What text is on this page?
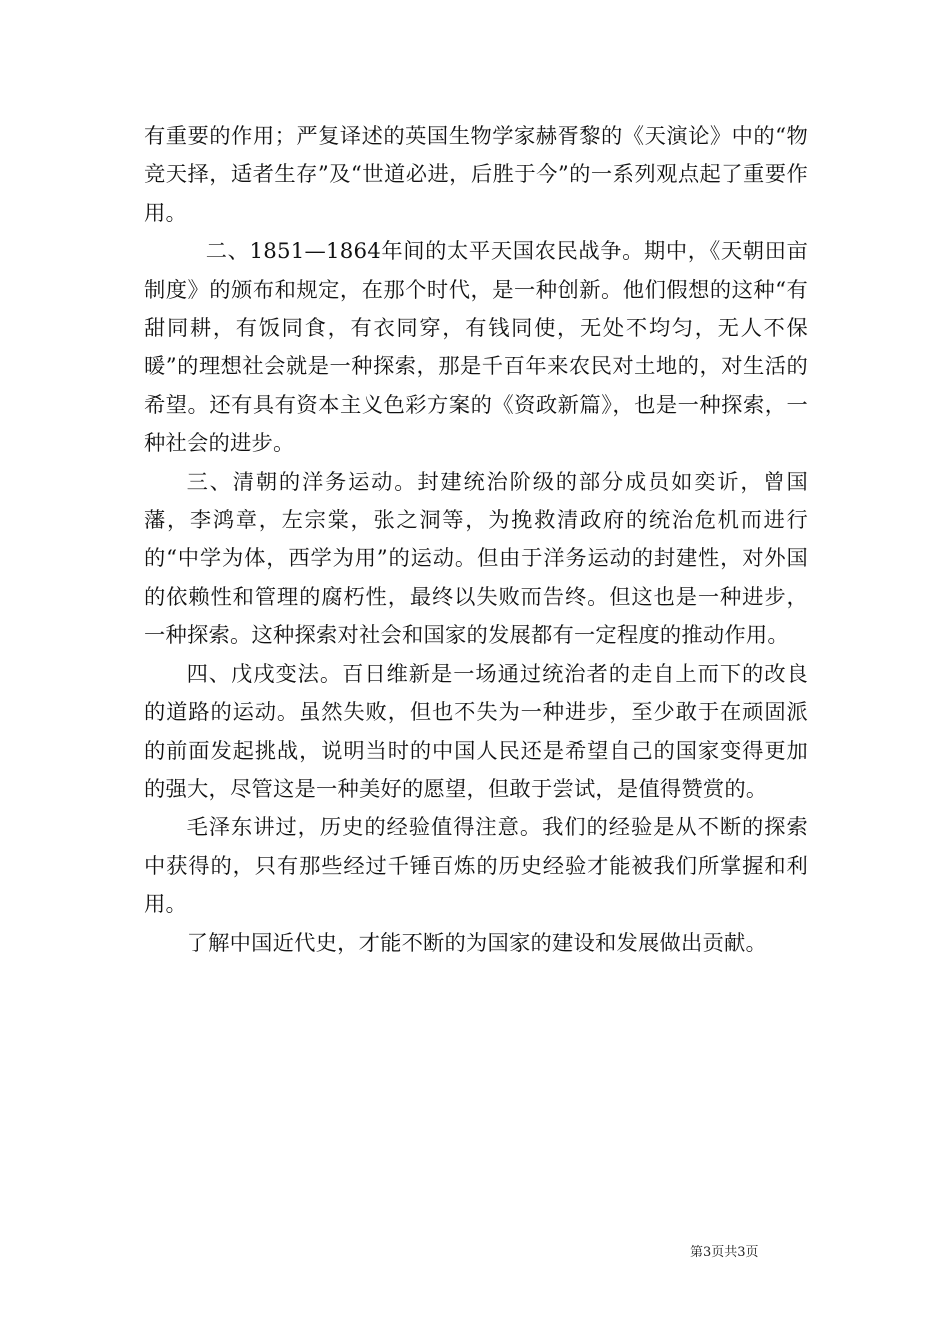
有重要的作用；严复译述的英国生物学家赫胥黎的《天演论》中的“物竞天择，适者生存”及“世道必进，后胜于今”的一系列观点起了重要作用。

二、1851—1864年间的太平天国农民战争。期中，《天朝田亩制度》的颁布和规定，在那个时代，是一种创新。他们假想的这种“有甜同耕，有饭同食，有衣同穿，有钱同使，无处不均匀，无人不保暖”的理想社会就是一种探索，那是千百年来农民对土地的，对生活的希望。还有具有资本主义色彩方案的《资政新篇》，也是一种探索，一种社会的进步。

三、清朝的洋务运动。封建统治阶级的部分成员如奕䜣，曾国藩，李鸿章，左宗棠，张之洞等，为挽救清政府的统治危机而进行的“中学为体，西学为用”的运动。但由于洋务运动的封建性，对外国的依赖性和管理的腐朽性，最终以失败而告终。但这也是一种进步，一种探索。这种探索对社会和国家的发展都有一定程度的推动作用。

四、戊戌变法。百日维新是一场通过统治者的走自上而下的改良的道路的运动。虽然失败，但也不失为一种进步，至少敢于在顽固派的前面发起挑战，说明当时的中国人民还是希望自己的国家变得更加的强大，尽管这是一种美好的愿望，但敢于尝试，是值得赞赏的。

毛泽东讲过，历史的经验值得注意。我们的经验是从不断的探索中获得的，只有那些经过千锤百炼的历史经验才能被我们所掌握和利用。

了解中国近代史，才能不断的为国家的建设和发展做出贡献。

第3页共3页
